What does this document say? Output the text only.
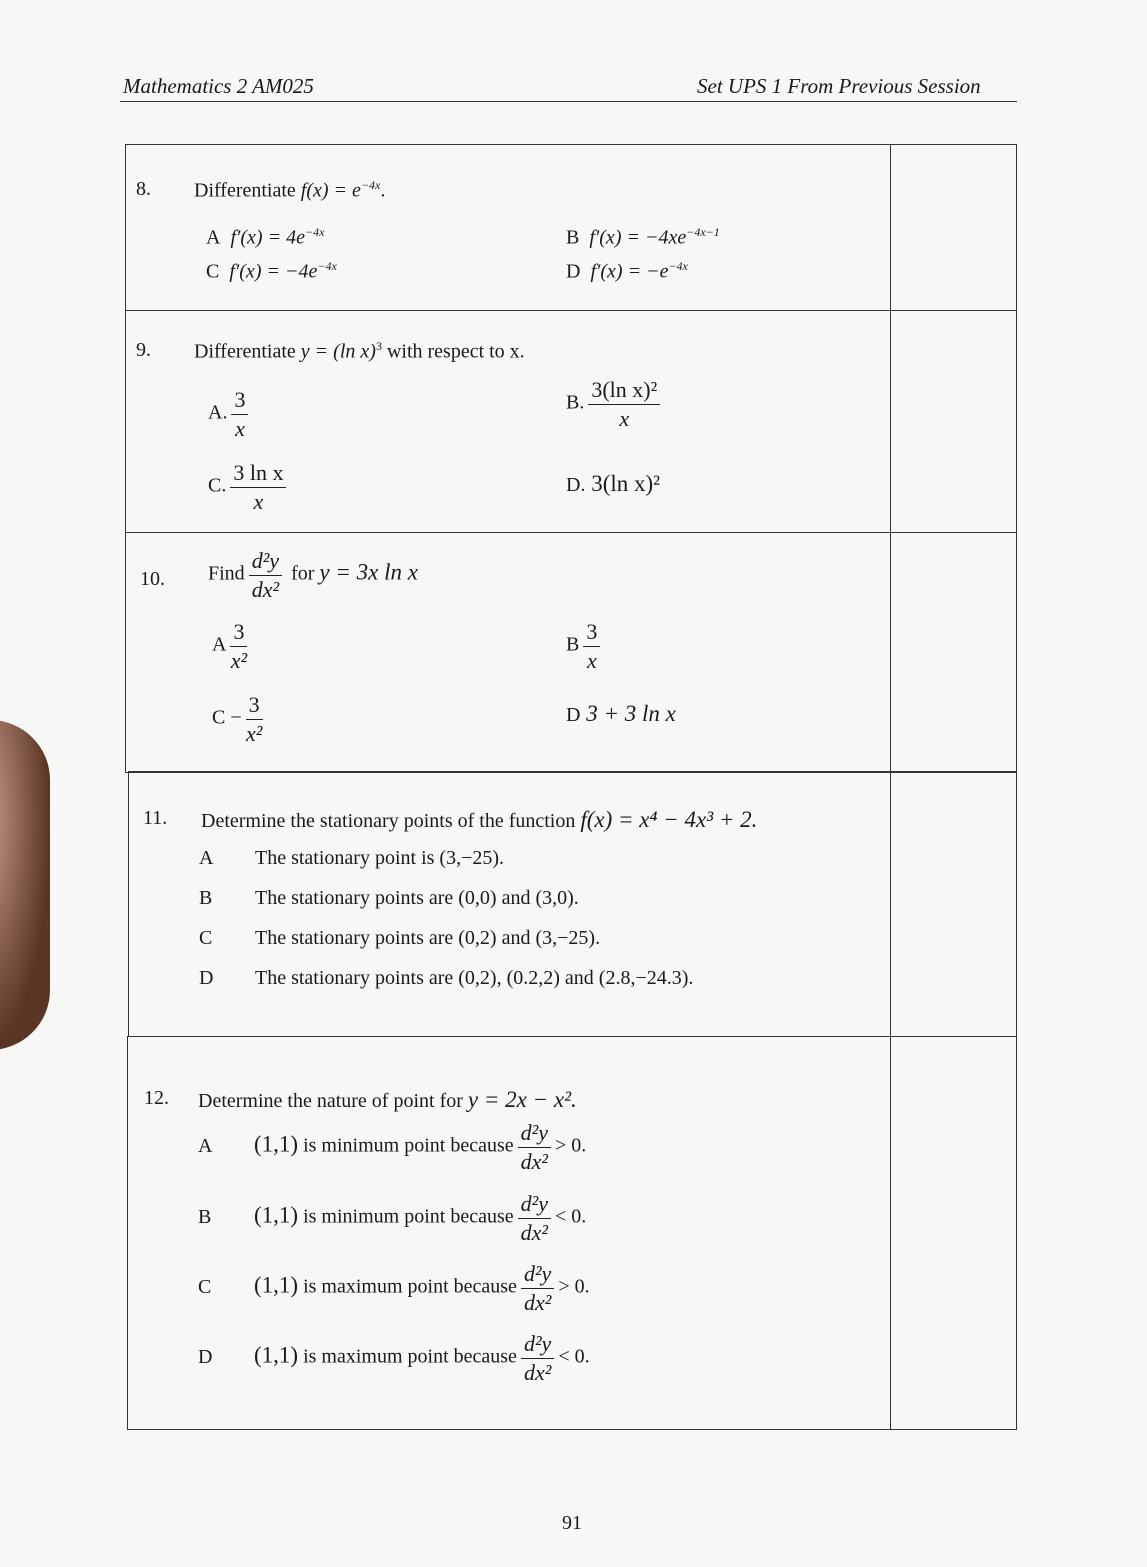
Mathematics 2 AM025	Set UPS 1 From Previous Session
8. Differentiate $f(x) = e^{-4x}$.
A $f'(x) = 4e^{-4x}$	B $f'(x) = -4xe^{-4x-1}$
C $f'(x) = -4e^{-4x}$	D $f'(x) = -e^{-4x}$
9. Differentiate y = (ln x)$^3$ with respect to x.
A. $\frac{3}{x}$	B. $\frac{\text{3(ln x)²}}{x}$
C. $\frac{\text{3 ln x}}{x}$	D. 3(ln x)²
10. Find $\frac{\text{d²y}}{\text{dx²}}$ for y = 3x ln x
A $\frac{3}{\text{x²}}$	B $\frac{3}{x}$
$C - \frac{3}{\text{x²}}$	D 3 + 3 ln x
11. Determine the stationary points of the function f(x) = x⁴ − 4x³ + 2.
A The stationary point is (3,−25).
B The stationary points are (0,0) and (3,0).
C The stationary points are (0,2) and (3,−25).
D The stationary points are (0,2), (0.2,2) and (2.8,−24.3).
12. Determine the nature of point for y = 2x − x².
A (1,1) is minimum point because $\frac{\text{d²y}}{\text{dx²}} > 0$.
B (1,1) is minimum point because $\frac{\text{d²y}}{\text{dx²}} < 0$.
C (1,1) is maximum point because $\frac{\text{d²y}}{\text{dx²}} > 0$.
D (1,1) is maximum point because $\frac{\text{d²y}}{\text{dx²}} < 0$.
91
